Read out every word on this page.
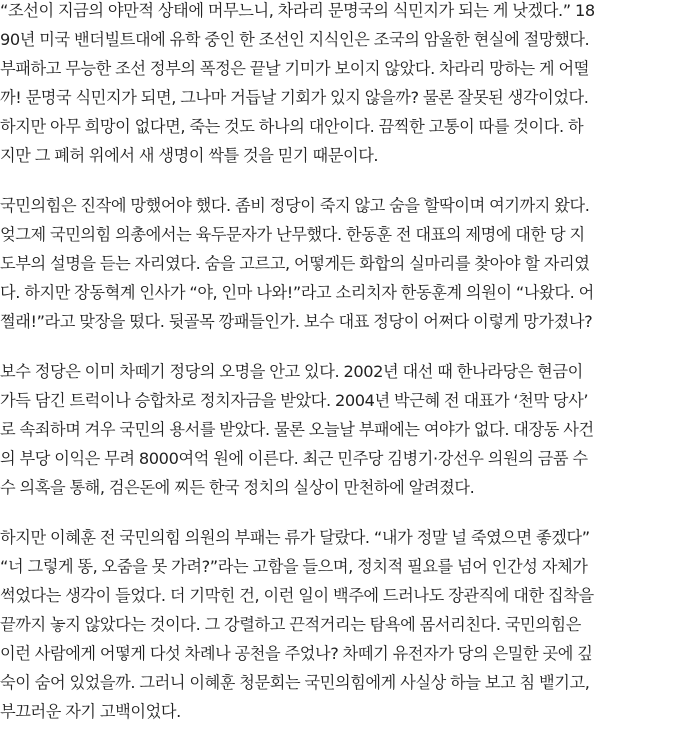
“조선이 지금의 야만적 상태에 머무느니, 차라리 문명국의 식민지가 되는 게 낫겠다.” 18
90년 미국 밴더빌트대에 유학 중인 한 조선인 지식인은 조국의 암울한 현실에 절망했다.
부패하고 무능한 조선 정부의 폭정은 끝날 기미가 보이지 않았다. 차라리 망하는 게 어떨
까! 문명국 식민지가 되면, 그나마 거듭날 기회가 있지 않을까? 물론 잘못된 생각이었다.
하지만 아무 희망이 없다면, 죽는 것도 하나의 대안이다. 끔찍한 고통이 따를 것이다. 하
지만 그 폐허 위에서 새 생명이 싹틀 것을 믿기 때문이다.
국민의힘은 진작에 망했어야 했다. 좀비 정당이 죽지 않고 숨을 할딱이며 여기까지 왔다.
엊그제 국민의힘 의총에서는 육두문자가 난무했다. 한동훈 전 대표의 제명에 대한 당 지
도부의 설명을 듣는 자리였다. 숨을 고르고, 어떻게든 화합의 실마리를 찾아야 할 자리였
다. 하지만 장동혁계 인사가 “야, 인마 나와!”라고 소리치자 한동훈계 의원이 “나왔다. 어
쩔래!”라고 맞장을 떴다. 뒷골목 깡패들인가. 보수 대표 정당이 어쩌다 이렇게 망가졌나?
보수 정당은 이미 차떼기 정당의 오명을 안고 있다. 2002년 대선 때 한나라당은 현금이
가득 담긴 트럭이나 승합차로 정치자금을 받았다. 2004년 박근혜 전 대표가 ‘천막 당사’
로 속죄하며 겨우 국민의 용서를 받았다. 물론 오늘날 부패에는 여야가 없다. 대장동 사건
의 부당 이익은 무려 8000여억 원에 이른다. 최근 민주당 김병기·강선우 의원의 금품 수
수 의혹을 통해, 검은돈에 찌든 한국 정치의 실상이 만천하에 알려졌다.
하지만 이혜훈 전 국민의힘 의원의 부패는 류가 달랐다. “내가 정말 널 죽였으면 좋겠다”
“너 그렇게 똥, 오줌을 못 가려?”라는 고함을 들으며, 정치적 필요를 넘어 인간성 자체가
썩었다는 생각이 들었다. 더 기막힌 건, 이런 일이 백주에 드러나도 장관직에 대한 집착을
끝까지 놓지 않았다는 것이다. 그 강렬하고 끈적거리는 탐욕에 몸서리친다. 국민의힘은
이런 사람에게 어떻게 다섯 차례나 공천을 주었나? 차떼기 유전자가 당의 은밀한 곳에 깊
숙이 숨어 있었을까. 그러니 이혜훈 청문회는 국민의힘에게 사실상 하늘 보고 침 뱉기고,
부끄러운 자기 고백이었다.
